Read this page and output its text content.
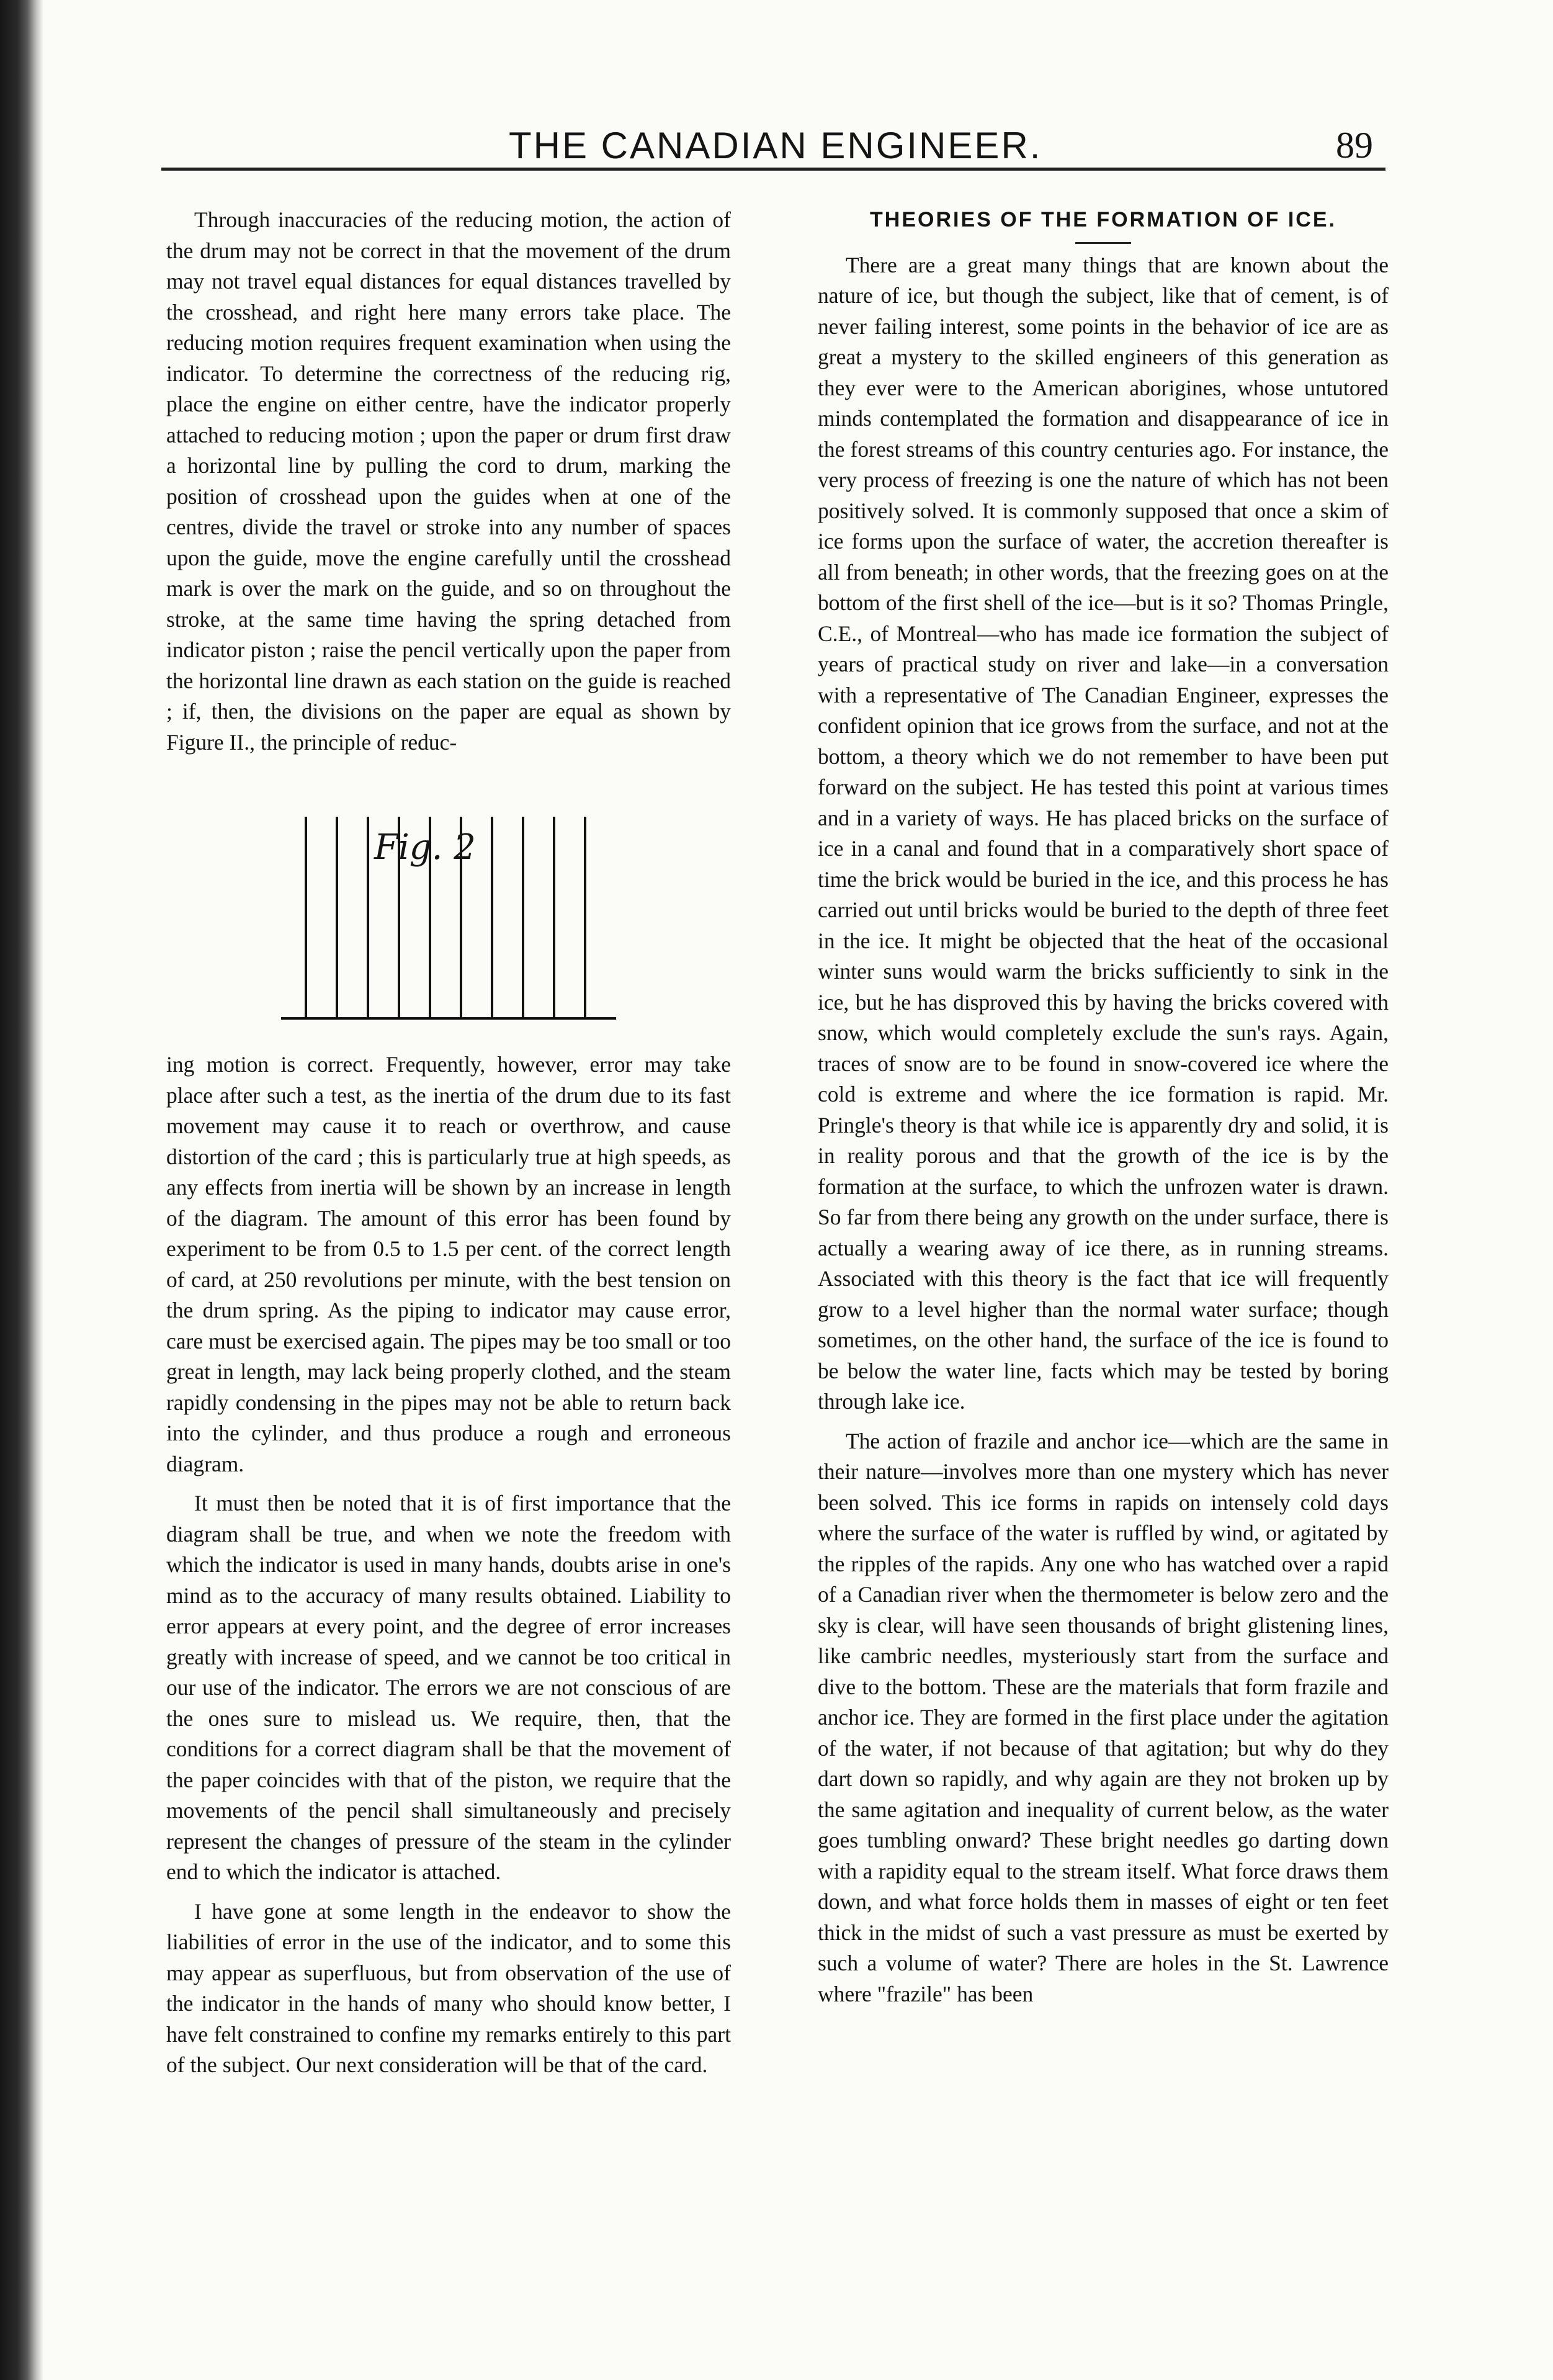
THE CANADIAN ENGINEER.	89

Through inaccuracies of the reducing motion, the action of the drum may not be correct in that the movement of the drum may not travel equal distances for equal distances travelled by the crosshead, and right here many errors take place. The reducing motion requires frequent examination when using the indicator. To determine the correctness of the reducing rig, place the engine on either centre, have the indicator properly attached to reducing motion ; upon the paper or drum first draw a horizontal line by pulling the cord to drum, marking the position of crosshead upon the guides when at one of the centres, divide the travel or stroke into any number of spaces upon the guide, move the engine carefully until the crosshead mark is over the mark on the guide, and so on throughout the stroke, at the same time having the spring detached from indicator piston ; raise the pencil vertically upon the paper from the horizontal line drawn as each station on the guide is reached ; if, then, the divisions on the paper are equal as shown by Figure II., the principle of reduc-

Fig. 2

ing motion is correct. Frequently, however, error may take place after such a test, as the inertia of the drum due to its fast movement may cause it to reach or overthrow, and cause distortion of the card ; this is particularly true at high speeds, as any effects from inertia will be shown by an increase in length of the diagram. The amount of this error has been found by experiment to be from 0.5 to 1.5 per cent. of the correct length of card, at 250 revolutions per minute, with the best tension on the drum spring. As the piping to indicator may cause error, care must be exercised again. The pipes may be too small or too great in length, may lack being properly clothed, and the steam rapidly condensing in the pipes may not be able to return back into the cylinder, and thus produce a rough and erroneous diagram.

It must then be noted that it is of first importance that the diagram shall be true, and when we note the freedom with which the indicator is used in many hands, doubts arise in one's mind as to the accuracy of many results obtained. Liability to error appears at every point, and the degree of error increases greatly with increase of speed, and we cannot be too critical in our use of the indicator. The errors we are not conscious of are the ones sure to mislead us. We require, then, that the conditions for a correct diagram shall be that the movement of the paper coincides with that of the piston, we require that the movements of the pencil shall simultaneously and precisely represent the changes of pressure of the steam in the cylinder end to which the indicator is attached.

I have gone at some length in the endeavor to show the liabilities of error in the use of the indicator, and to some this may appear as superfluous, but from observation of the use of the indicator in the hands of many who should know better, I have felt constrained to confine my remarks entirely to this part of the subject. Our next consideration will be that of the card.

THEORIES OF THE FORMATION OF ICE.

There are a great many things that are known about the nature of ice, but though the subject, like that of cement, is of never failing interest, some points in the behavior of ice are as great a mystery to the skilled engineers of this generation as they ever were to the American aborigines, whose untutored minds contemplated the formation and disappearance of ice in the forest streams of this country centuries ago. For instance, the very process of freezing is one the nature of which has not been positively solved. It is commonly supposed that once a skim of ice forms upon the surface of water, the accretion thereafter is all from beneath; in other words, that the freezing goes on at the bottom of the first shell of the ice—but is it so? Thomas Pringle, C.E., of Montreal—who has made ice formation the subject of years of practical study on river and lake—in a conversation with a representative of The Canadian Engineer, expresses the confident opinion that ice grows from the surface, and not at the bottom, a theory which we do not remember to have been put forward on the subject. He has tested this point at various times and in a variety of ways. He has placed bricks on the surface of ice in a canal and found that in a comparatively short space of time the brick would be buried in the ice, and this process he has carried out until bricks would be buried to the depth of three feet in the ice. It might be objected that the heat of the occasional winter suns would warm the bricks sufficiently to sink in the ice, but he has disproved this by having the bricks covered with snow, which would completely exclude the sun's rays. Again, traces of snow are to be found in snow-covered ice where the cold is extreme and where the ice formation is rapid. Mr. Pringle's theory is that while ice is apparently dry and solid, it is in reality porous and that the growth of the ice is by the formation at the surface, to which the unfrozen water is drawn. So far from there being any growth on the under surface, there is actually a wearing away of ice there, as in running streams. Associated with this theory is the fact that ice will frequently grow to a level higher than the normal water surface; though sometimes, on the other hand, the surface of the ice is found to be below the water line, facts which may be tested by boring through lake ice.

The action of frazile and anchor ice—which are the same in their nature—involves more than one mystery which has never been solved. This ice forms in rapids on intensely cold days where the surface of the water is ruffled by wind, or agitated by the ripples of the rapids. Any one who has watched over a rapid of a Canadian river when the thermometer is below zero and the sky is clear, will have seen thousands of bright glistening lines, like cambric needles, mysteriously start from the surface and dive to the bottom. These are the materials that form frazile and anchor ice. They are formed in the first place under the agitation of the water, if not because of that agitation; but why do they dart down so rapidly, and why again are they not broken up by the same agitation and inequality of current below, as the water goes tumbling onward? These bright needles go darting down with a rapidity equal to the stream itself. What force draws them down, and what force holds them in masses of eight or ten feet thick in the midst of such a vast pressure as must be exerted by such a volume of water? There are holes in the St. Lawrence where "frazile" has been
